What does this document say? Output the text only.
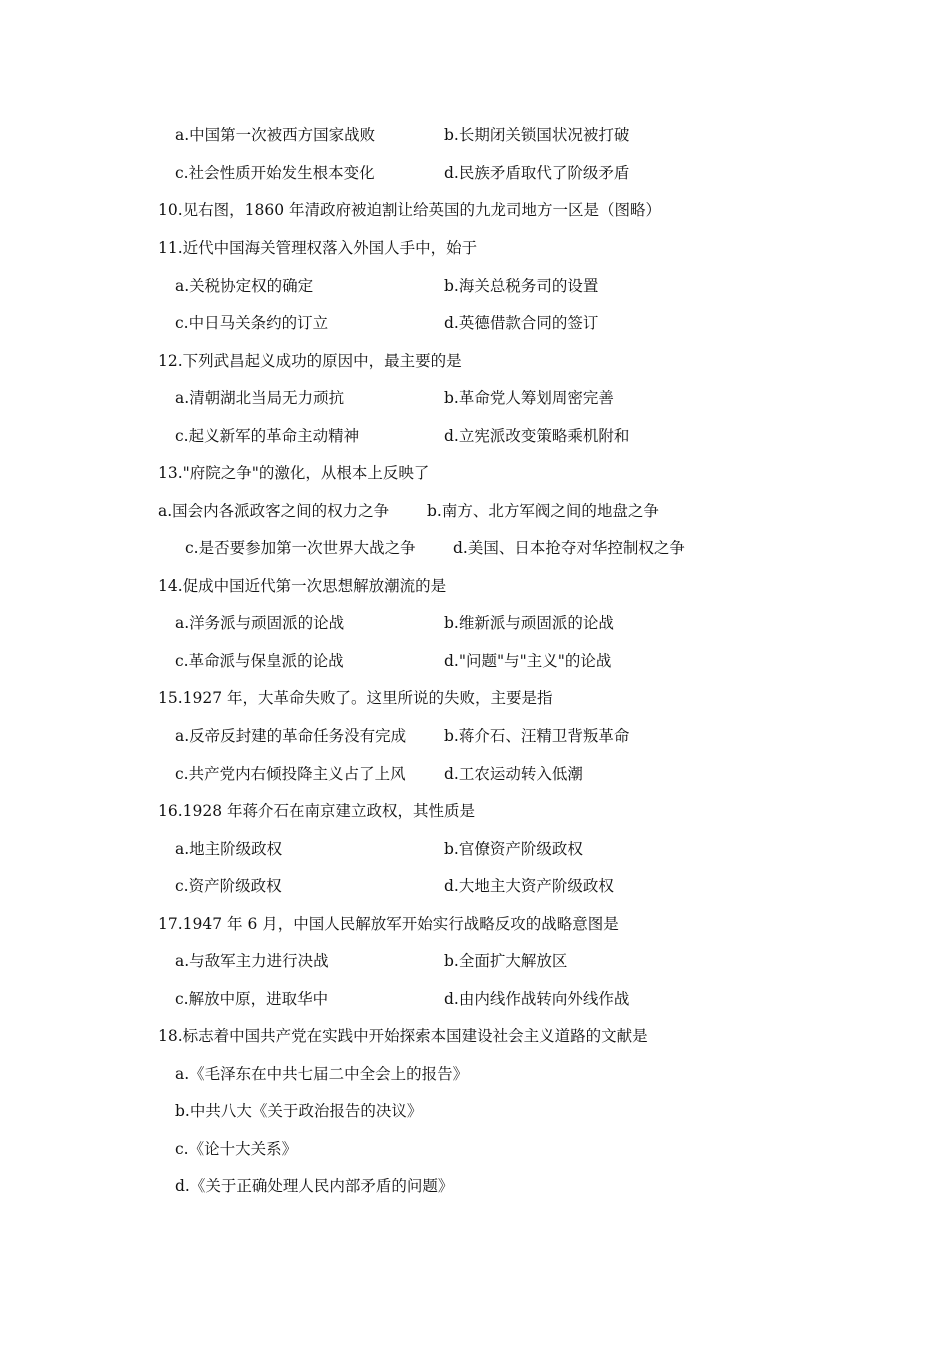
a.中国第一次被西方国家战败	b.长期闭关锁国状况被打破
c.社会性质开始发生根本变化	d.民族矛盾取代了阶级矛盾
10.见右图，1860 年清政府被迫割让给英国的九龙司地方一区是（图略）
11.近代中国海关管理权落入外国人手中，始于
a.关税协定权的确定	b.海关总税务司的设置
c.中日马关条约的订立	d.英德借款合同的签订
12.下列武昌起义成功的原因中，最主要的是
a.清朝湖北当局无力顽抗	b.革命党人筹划周密完善
c.起义新军的革命主动精神	d.立宪派改变策略乘机附和
13."府院之争"的激化，从根本上反映了
a.国会内各派政客之间的权力之争 b.南方、北方军阀之间的地盘之争
c.是否要参加第一次世界大战之争 d.美国、日本抢夺对华控制权之争
14.促成中国近代第一次思想解放潮流的是
a.洋务派与顽固派的论战	b.维新派与顽固派的论战
c.革命派与保皇派的论战	d."问题"与"主义"的论战
15.1927 年，大革命失败了。这里所说的失败，主要是指
a.反帝反封建的革命任务没有完成 b.蒋介石、汪精卫背叛革命
c.共产党内右倾投降主义占了上风 d.工农运动转入低潮
16.1928 年蒋介石在南京建立政权，其性质是
a.地主阶级政权	b.官僚资产阶级政权
c.资产阶级政权	d.大地主大资产阶级政权
17.1947 年 6 月，中国人民解放军开始实行战略反攻的战略意图是
a.与敌军主力进行决战	b.全面扩大解放区
c.解放中原，进取华中	d.由内线作战转向外线作战
18.标志着中国共产党在实践中开始探索本国建设社会主义道路的文献是
a.《毛泽东在中共七届二中全会上的报告》
b.中共八大《关于政治报告的决议》
c.《论十大关系》
d.《关于正确处理人民内部矛盾的问题》
